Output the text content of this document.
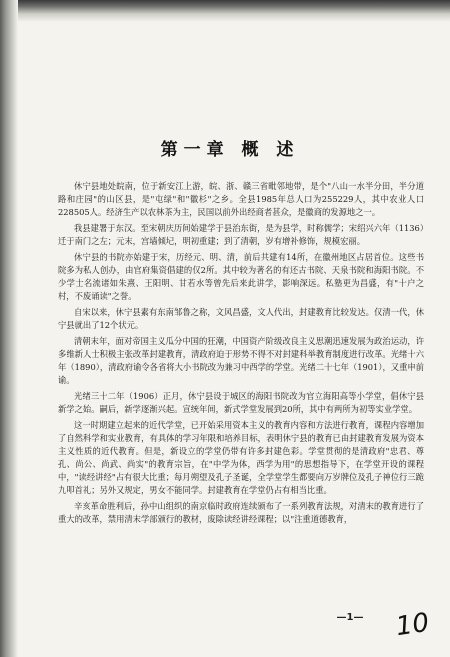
第一章 概 述

休宁县地处皖南，位于新安江上游，皖、浙、赣三省毗邻地带，是个"八山一水半分田，半分道路和庄园"的山区县，是"屯绿"和"徽杉"之乡。全县1985年总人口为255229人，其中农业人口228505人。经济生产以农林茶为主，民国以前外出经商者甚众，是徽商的发源地之一。

我县建署于东汉。至宋朝庆历间始建学于县治东街，是为县学，时称儒学；宋绍兴六年（1136）迁于南门之左；元末，宫墙倾圮，明初重建；到了清朝，岁有增补修饰，规模宏丽。

休宁县的书院亦始建于宋，历经元、明、清，前后共建有14所，在徽州地区占居首位。这些书院多为私人创办，由官府集资倡建的仅2所。其中较为著名的有还古书院、天泉书院和海阳书院。不少学士名流诸如朱熹、王阳明、甘若水等曾先后来此讲学，影响深远。私塾更为昌盛，有"十户之村，不废诵读"之誉。

自宋以来，休宁县素有东南邹鲁之称，文风昌盛，文人代出，封建教育比较发达。仅清一代，休宁县就出了12个状元。

清朝末年，面对帝国主义瓜分中国的狂潮，中国资产阶级改良主义思潮迅速发展为政治运动，许多维新人士积极主张改革封建教育，清政府迫于形势不得不对封建科举教育制度进行改革。光绪十六年（1890），清政府谕令各省将大小书院改为兼习中西学的学堂。光绪二十七年（1901），又重申前谕。

光绪三十二年（1906）正月，休宁县设于城区的海阳书院改为官立海阳高等小学堂，倡休宁县新学之始。嗣后，新学逐渐兴起。宣统年间，新式学堂发展到20所，其中有两所为初等实业学堂。

这一时期建立起来的近代学堂，已开始采用资本主义的教育内容和方法进行教育，课程内容增加了自然科学和实业教育，有具体的学习年限和培养目标，表明休宁县的教育已由封建教育发展为资本主义性质的近代教育。但是，新设立的学堂仍带有许多封建色彩。学堂贯彻的是清政府"忠君、尊孔、尚公、尚武、尚实"的教育宗旨，在"中学为体，西学为用"的思想指导下，在学堂开设的课程中，"读经讲经"占有很大比重；每月朔望及孔子圣诞，全学堂学生都要向万岁牌位及孔子神位行三跪九叩首礼；另外又规定，男女不能同学。封建教育在学堂仍占有相当比重。

辛亥革命胜利后，孙中山组织的南京临时政府连续颁布了一系列教育法规，对清末的教育进行了重大的改革，禁用清末学部颁行的教材，废除读经讲经课程；以"注重道德教育，

—1—	10
